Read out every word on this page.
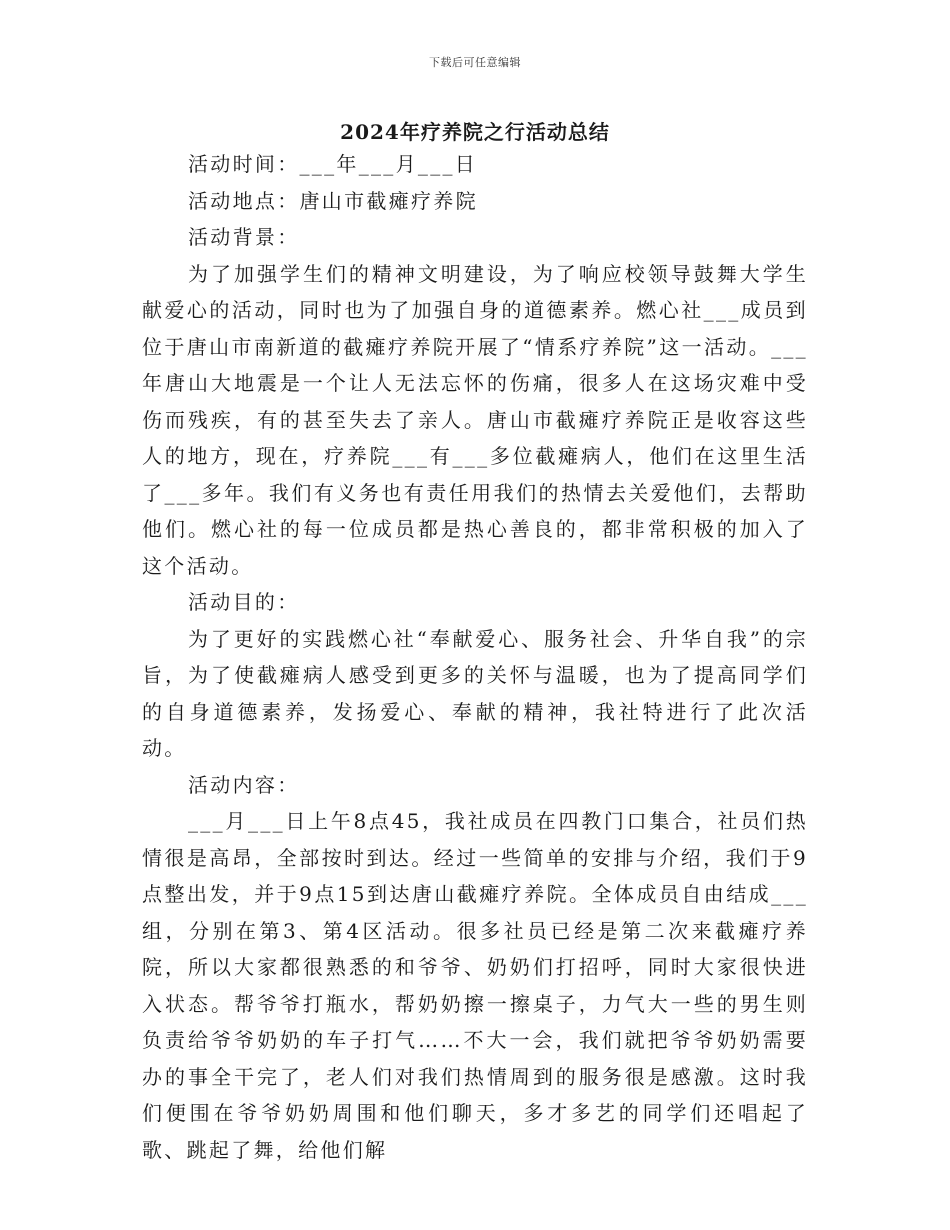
下载后可任意编辑
2024年疗养院之行活动总结

活动时间：___年___月___日

活动地点：唐山市截瘫疗养院

活动背景：

为了加强学生们的精神文明建设，为了响应校领导鼓舞大学生献爱心的活动，同时也为了加强自身的道德素养。燃心社___成员到位于唐山市南新道的截瘫疗养院开展了“情系疗养院”这一活动。___年唐山大地震是一个让人无法忘怀的伤痛，很多人在这场灾难中受伤而残疾，有的甚至失去了亲人。唐山市截瘫疗养院正是收容这些人的地方，现在，疗养院___有___多位截瘫病人，他们在这里生活了___多年。我们有义务也有责任用我们的热情去关爱他们，去帮助他们。燃心社的每一位成员都是热心善良的，都非常积极的加入了这个活动。

活动目的：

为了更好的实践燃心社“奉献爱心、服务社会、升华自我”的宗旨，为了使截瘫病人感受到更多的关怀与温暖，也为了提高同学们的自身道德素养，发扬爱心、奉献的精神，我社特进行了此次活动。

活动内容：

___月___日上午8点45，我社成员在四教门口集合，社员们热情很是高昂，全部按时到达。经过一些简单的安排与介绍，我们于9点整出发，并于9点15到达唐山截瘫疗养院。全体成员自由结成___组，分别在第3、第4区活动。很多社员已经是第二次来截瘫疗养院，所以大家都很熟悉的和爷爷、奶奶们打招呼，同时大家很快进入状态。帮爷爷打瓶水，帮奶奶擦一擦桌子，力气大一些的男生则负责给爷爷奶奶的车子打气……不大一会，我们就把爷爷奶奶需要办的事全干完了，老人们对我们热情周到的服务很是感激。这时我们便围在爷爷奶奶周围和他们聊天，多才多艺的同学们还唱起了歌、跳起了舞，给他们解
